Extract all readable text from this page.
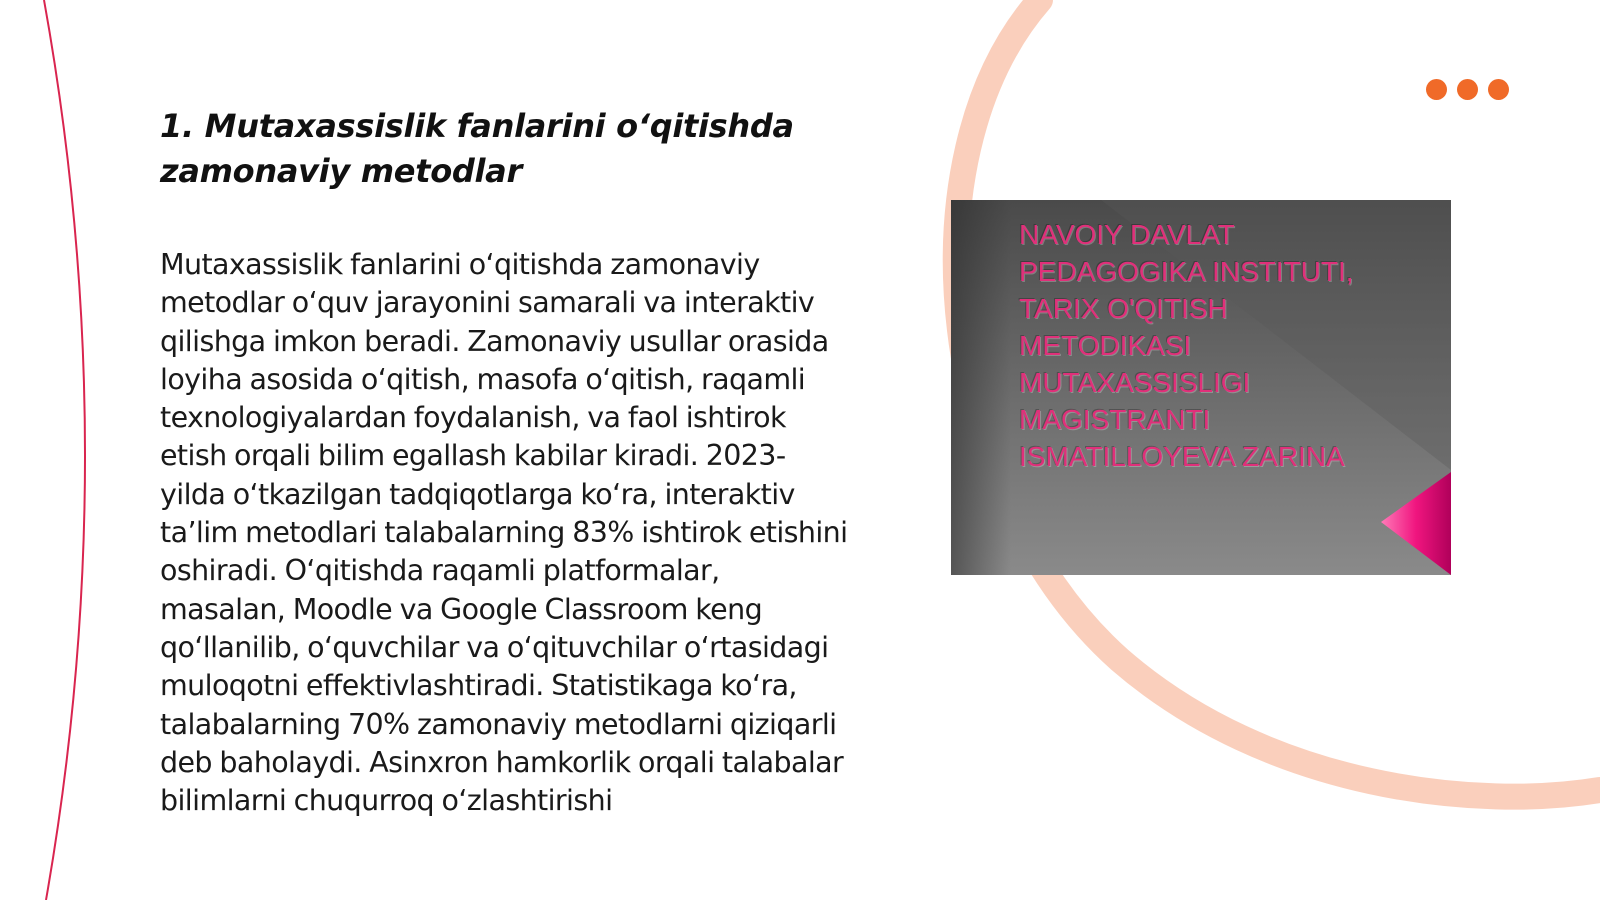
1. Mutaxassislik fanlarini o‘qitishda zamonaviy metodlar

Mutaxassislik fanlarini o‘qitishda zamonaviy metodlar o‘quv jarayonini samarali va interaktiv qilishga imkon beradi. Zamonaviy usullar orasida loyiha asosida o‘qitish, masofa o‘qitish, raqamli texnologiyalardan foydalanish, va faol ishtirok etish orqali bilim egallash kabilar kiradi. 2023-yilda o‘tkazilgan tadqiqotlarga ko‘ra, interaktiv ta’lim metodlari talabalarning 83% ishtirok etishini oshiradi. O‘qitishda raqamli platformalar, masalan, Moodle va Google Classroom keng qo‘llanilib, o‘quvchilar va o‘qituvchilar o‘rtasidagi muloqotni effektivlashtiradi. Statistikaga ko‘ra, talabalarning 70% zamonaviy metodlarni qiziqarli deb baholaydi. Asinxron hamkorlik orqali talabalar bilimlarni chuqurroq o‘zlashtirishi

NAVOIY DAVLAT
PEDAGOGIKA INSTITUTI,
TARIX O'QITISH
METODIKASI
MUTAXASSISLIGI
MAGISTRANTI
ISMATILLOYEVA ZARINA
